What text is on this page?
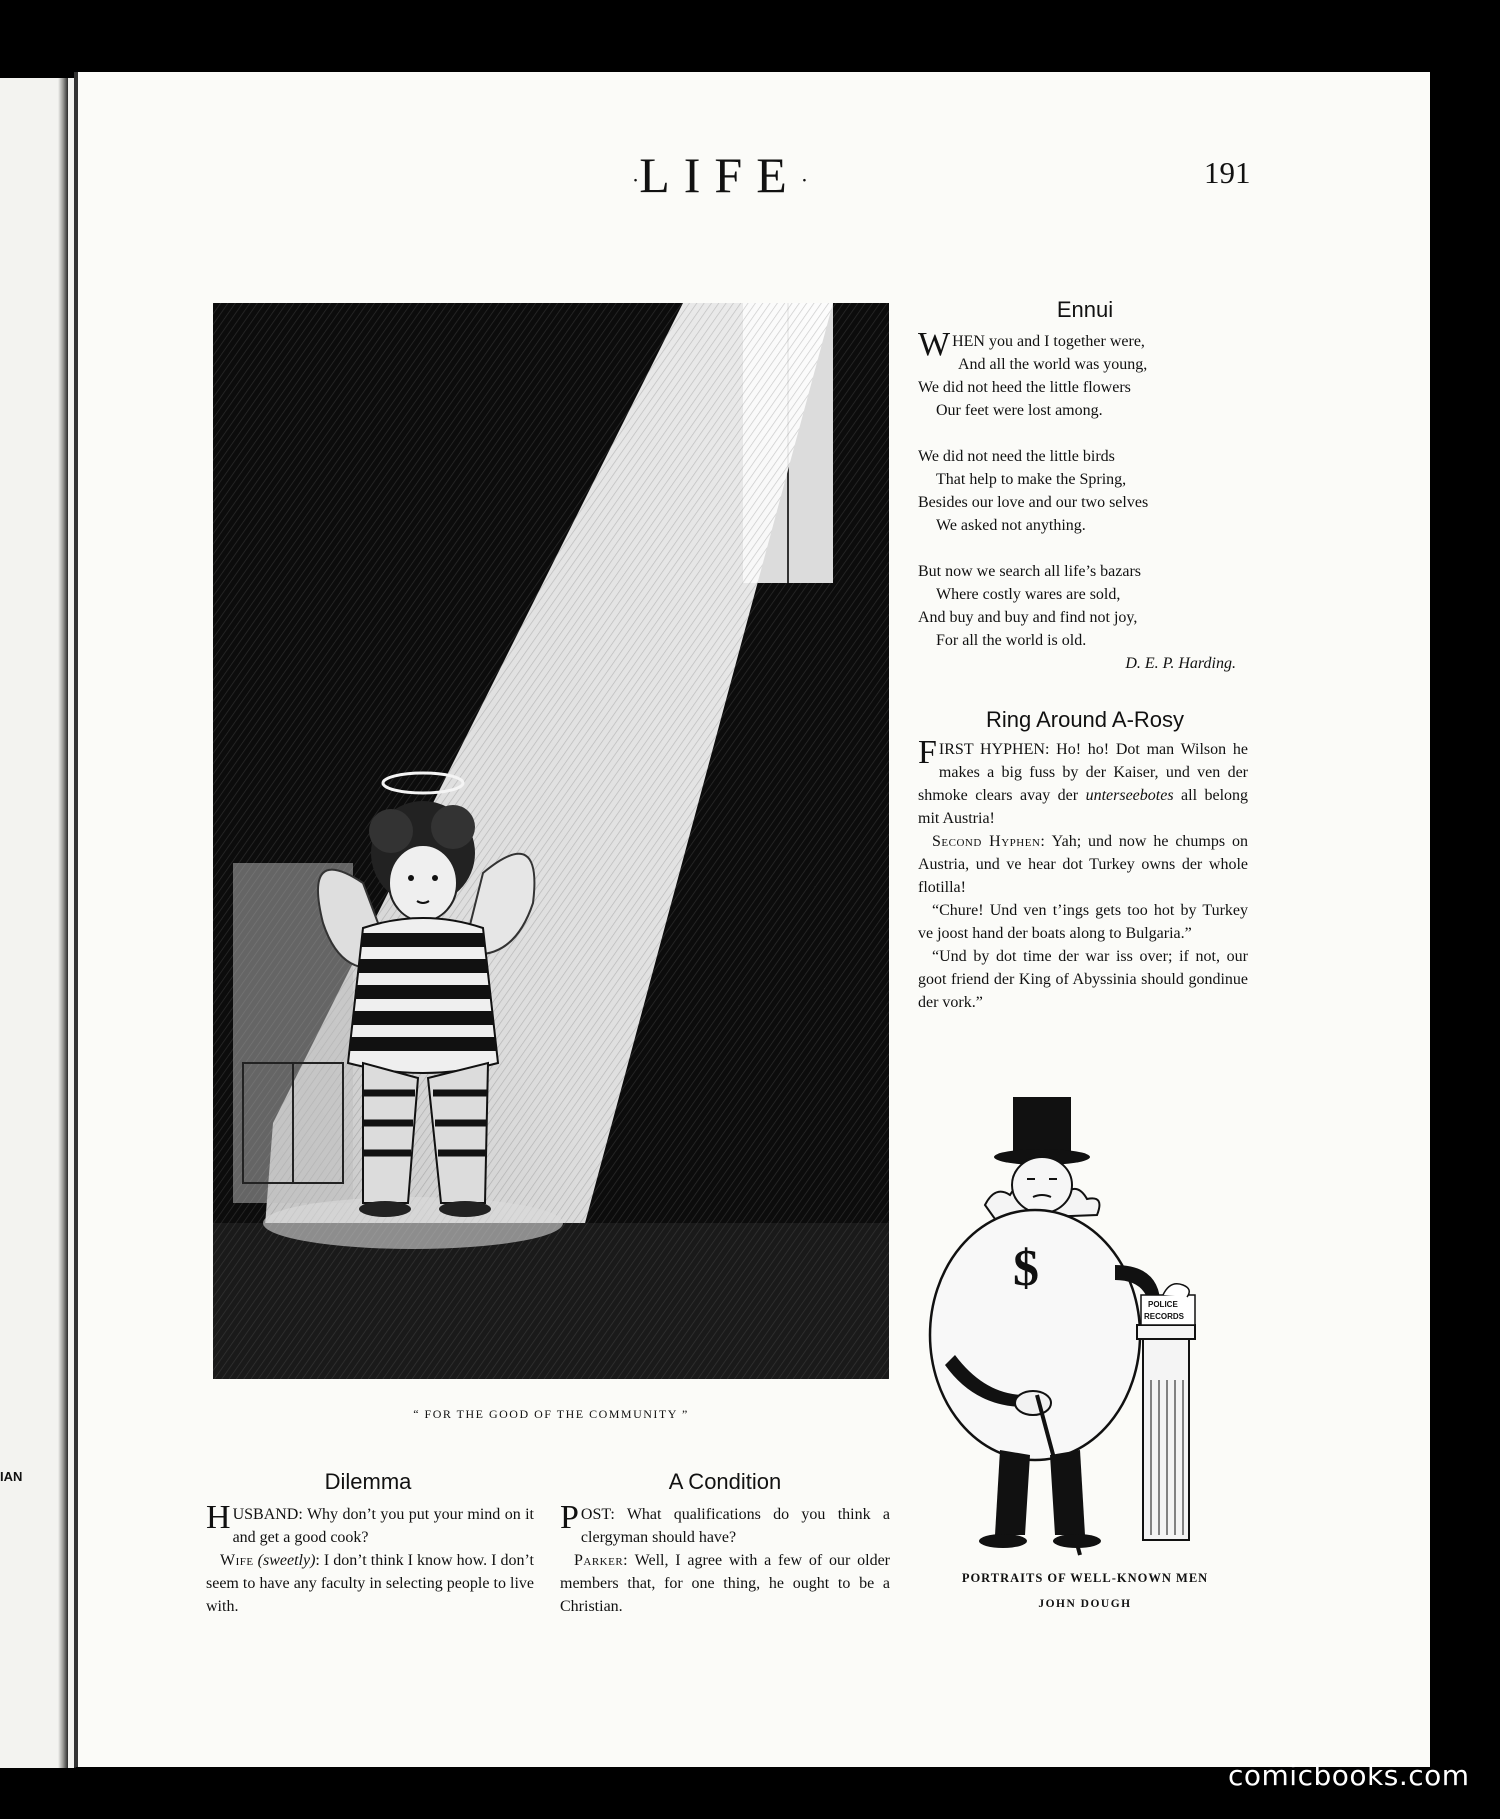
IAN
·LIFE·	191
“ FOR THE GOOD OF THE COMMUNITY ”
Ennui
WHEN you and I together were,
And all the world was young,
We did not heed the little flowers
Our feet were lost among.
We did not need the little birds
That help to make the Spring,
Besides our love and our two selves
We asked not anything.
But now we search all life’s bazars
Where costly wares are sold,
And buy and buy and find not joy,
For all the world is old.
D. E. P. Harding.
Ring Around A-Rosy

FIRST HYPHEN: Ho! ho! Dot man Wilson he makes a big fuss by der Kaiser, und ven der shmoke clears avay der unterseebotes all belong mit Austria!

Second Hyphen: Yah; und now he chumps on Austria, und ve hear dot Turkey owns der whole flotilla!

“Chure! Und ven t’ings gets too hot by Turkey ve joost hand der boats along to Bulgaria.”

“Und by dot time der war iss over; if not, our goot friend der King of Abyssinia should gondinue der vork.”

Dilemma

HUSBAND: Why don’t you put your mind on it and get a good cook?

Wife (sweetly): I don’t think I know how. I don’t seem to have any faculty in selecting people to live with.

A Condition

POST: What qualifications do you think a clergyman should have?

Parker: Well, I agree with a few of our older members that, for one thing, he ought to be a Christian.

$
POLICE
RECORDS
PORTRAITS OF WELL-KNOWN MEN
JOHN DOUGH
comicbooks.com
